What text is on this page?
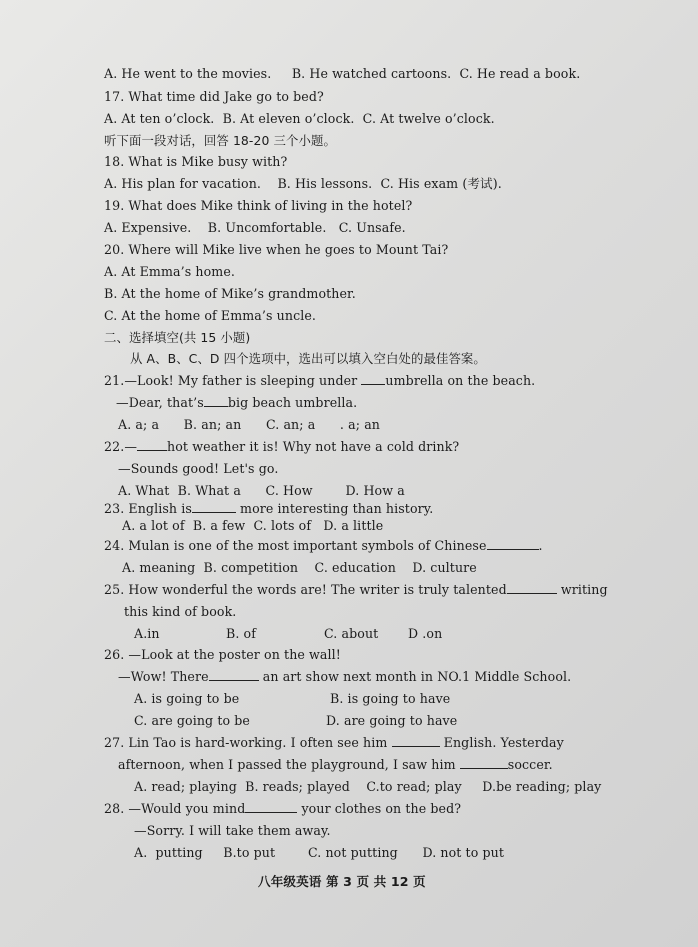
A. He went to the movies.     B. He watched cartoons.  C. He read a book.
17. What time did Jake go to bed?
A. At ten o’clock.  B. At eleven o’clock.  C. At twelve o’clock.
听下面一段对话，回答 18-20 三个小题。
18. What is Mike busy with?
A. His plan for vacation.    B. His lessons.  C. His exam (考试).
19. What does Mike think of living in the hotel?
A. Expensive.    B. Uncomfortable.   C. Unsafe.
20. Where will Mike live when he goes to Mount Tai?
A. At Emma’s home.
B. At the home of Mike’s grandmother.
C. At the home of Emma’s uncle.
二、选择填空(共 15 小题)
从 A、B、C、D 四个选项中，选出可以填入空白处的最佳答案。
21.—Look! My father is sleeping under umbrella on the beach.
—Dear, that’s big beach umbrella.
A. a; a      B. an; an      C. an; a      . a; an
22.— hot weather it is! Why not have a cold drink?
—Sounds good! Let's go.
A. What  B. What a      C. How        D. How a
23. English is	more interesting than history.
A. a lot of  B. a few  C. lots of   D. a little
24. Mulan is one of the most important symbols of Chinese	.
A. meaning  B. competition    C. education    D. culture
25. How wonderful the words are! The writer is truly talented	writing
this kind of book.
A.in	B. of	C. about D .on
26. —Look at the poster on the wall!
—Wow! There	an art show next month in NO.1 Middle School.
A. is going to be	B. is going to have
C. are going to be	D. are going to have
27. Lin Tao is hard-working. I often see him	English. Yesterday
afternoon, when I passed the playground, I saw him	soccer.
A. read; playing  B. reads; played    C.to read; play     D.be reading; play
28. —Would you mind	your clothes on the bed?
—Sorry. I will take them away.
A.  putting     B.to put        C. not putting      D. not to put
八年级英语 第 3 页 共 12 页
